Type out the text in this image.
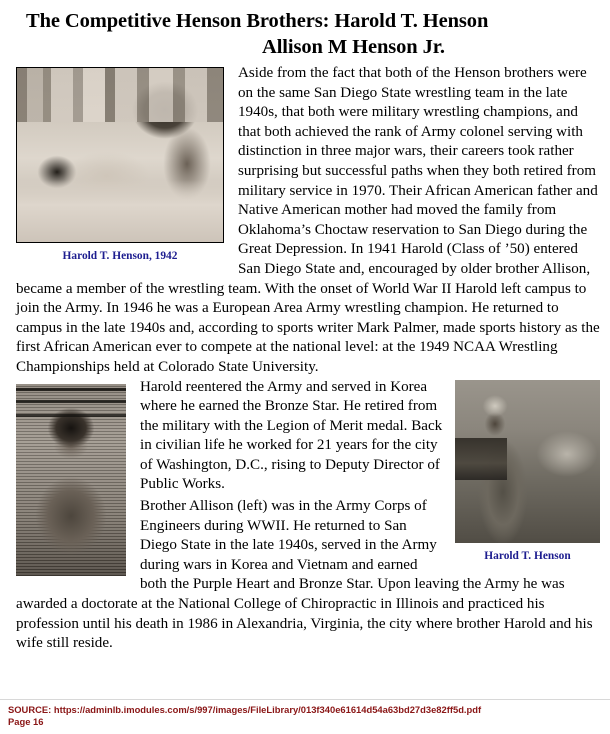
The Competitive Henson Brothers: Harold T. Henson
Allison M Henson Jr.
Harold T. Henson, 1942

Aside from the fact that both of the Henson brothers were on the same San Diego State wrestling team in the late 1940s, that both were military wrestling champions, and that both achieved the rank of Army colonel serving with distinction in three major wars, their careers took rather surprising but successful paths when they both retired from military service in 1970. Their African American father and Native American mother had moved the family from Oklahoma’s Choctaw reservation to San Diego during the Great Depression. In 1941 Harold (Class of ’50) entered San Diego State and, encouraged by older brother Allison, became a member of the wrestling team. With the onset of World War II Harold left campus to join the Army. In 1946 he was a European Area Army wrestling champion. He returned to campus in the late 1940s and, according to sports writer Mark Palmer, made sports history as the first African American ever to compete at the national level: at the 1949 NCAA Wrestling Championships held at Colorado State University.

Harold T. Henson

Harold reentered the Army and served in Korea where he earned the Bronze Star. He retired from the military with the Legion of Merit medal. Back in civilian life he worked for 21 years for the city of Washington, D.C., rising to Deputy Director of Public Works.

Brother Allison (left) was in the Army Corps of Engineers during WWII. He returned to San Diego State in the late 1940s, served in the Army during wars in Korea and Vietnam and earned both the Purple Heart and Bronze Star. Upon leaving the Army he was awarded a doctorate at the National College of Chiropractic in Illinois and practiced his profession until his death in 1986 in Alexandria, Virginia, the city where brother Harold and his wife still reside.

SOURCE: https://adminlb.imodules.com/s/997/images/FileLibrary/013f340e61614d54a63bd27d3e82ff5d.pdf
Page 16
